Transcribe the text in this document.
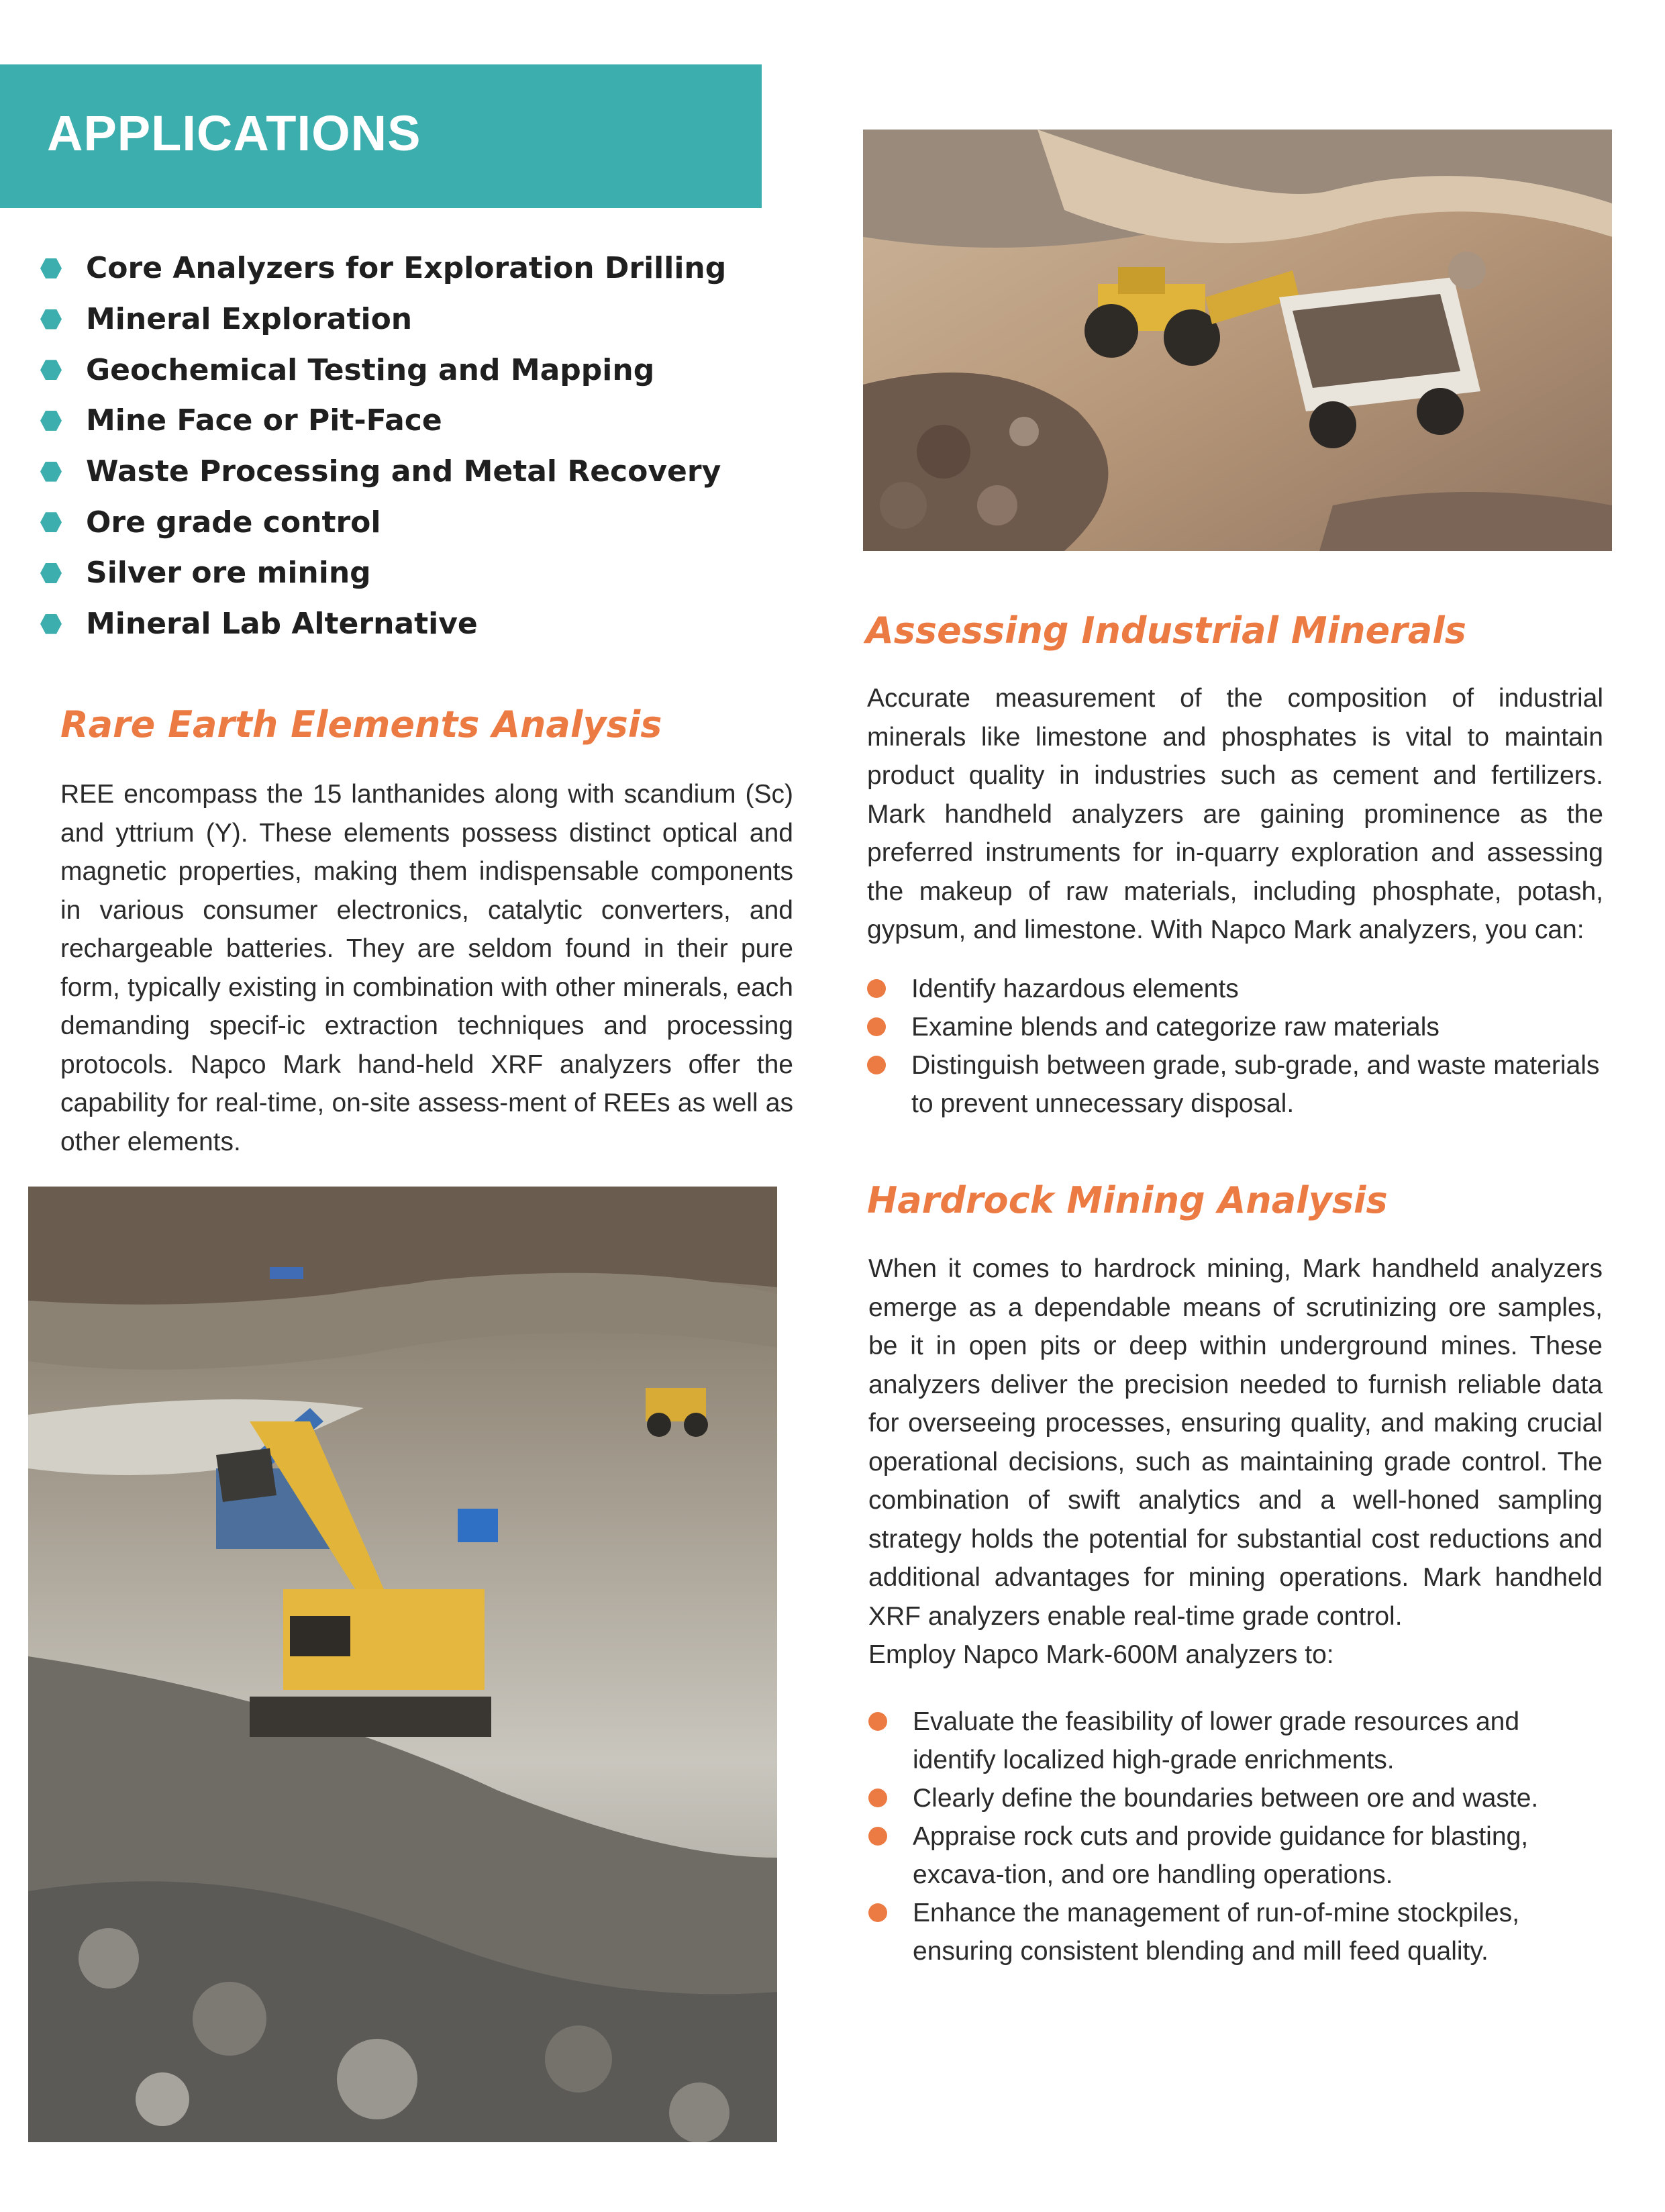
APPLICATIONS
Core Analyzers for Exploration Drilling
Mineral Exploration
Geochemical Testing and Mapping
Mine Face or Pit-Face
Waste Processing and Metal Recovery
Ore grade control
Silver ore mining
Mineral Lab Alternative
Rare Earth Elements Analysis

REE encompass the 15 lanthanides along with scandium (Sc) and yttrium (Y). These elements possess distinct optical and magnetic properties, making them indispensable components in various consumer electronics, catalytic converters, and rechargeable batteries. They are seldom found in their pure form, typically existing in combination with other minerals, each demanding specif-ic extraction techniques and processing protocols. Napco Mark hand-held XRF analyzers offer the capability for real-time, on-site assess-ment of REEs as well as other elements.

Assessing Industrial Minerals

Accurate measurement of the composition of industrial minerals like limestone and phosphates is vital to maintain product quality in industries such as cement and fertilizers. Mark handheld analyzers are gaining prominence as the preferred instruments for in-quarry exploration and assessing the makeup of raw materials, including phosphate, potash, gypsum, and limestone. With Napco Mark analyzers, you can:

Identify hazardous elements
Examine blends and categorize raw materials
Distinguish between grade, sub-grade, and waste materials to prevent unnecessary disposal.
Hardrock Mining Analysis

When it comes to hardrock mining, Mark handheld analyzers emerge as a dependable means of scrutinizing ore samples, be it in open pits or deep within underground mines. These analyzers deliver the precision needed to furnish reliable data for overseeing processes, ensuring quality, and making crucial operational decisions, such as maintaining grade control. The combination of swift analytics and a well-honed sampling strategy holds the potential for substantial cost reductions and additional advantages for mining operations. Mark handheld XRF analyzers enable real-time grade control.

Employ Napco Mark-600M analyzers to:

Evaluate the feasibility of lower grade resources and identify localized high-grade enrichments.
Clearly define the boundaries between ore and waste.
Appraise rock cuts and provide guidance for blasting, excava-tion, and ore handling operations.
Enhance the management of run-of-mine stockpiles, ensuring consistent blending and mill feed quality.
